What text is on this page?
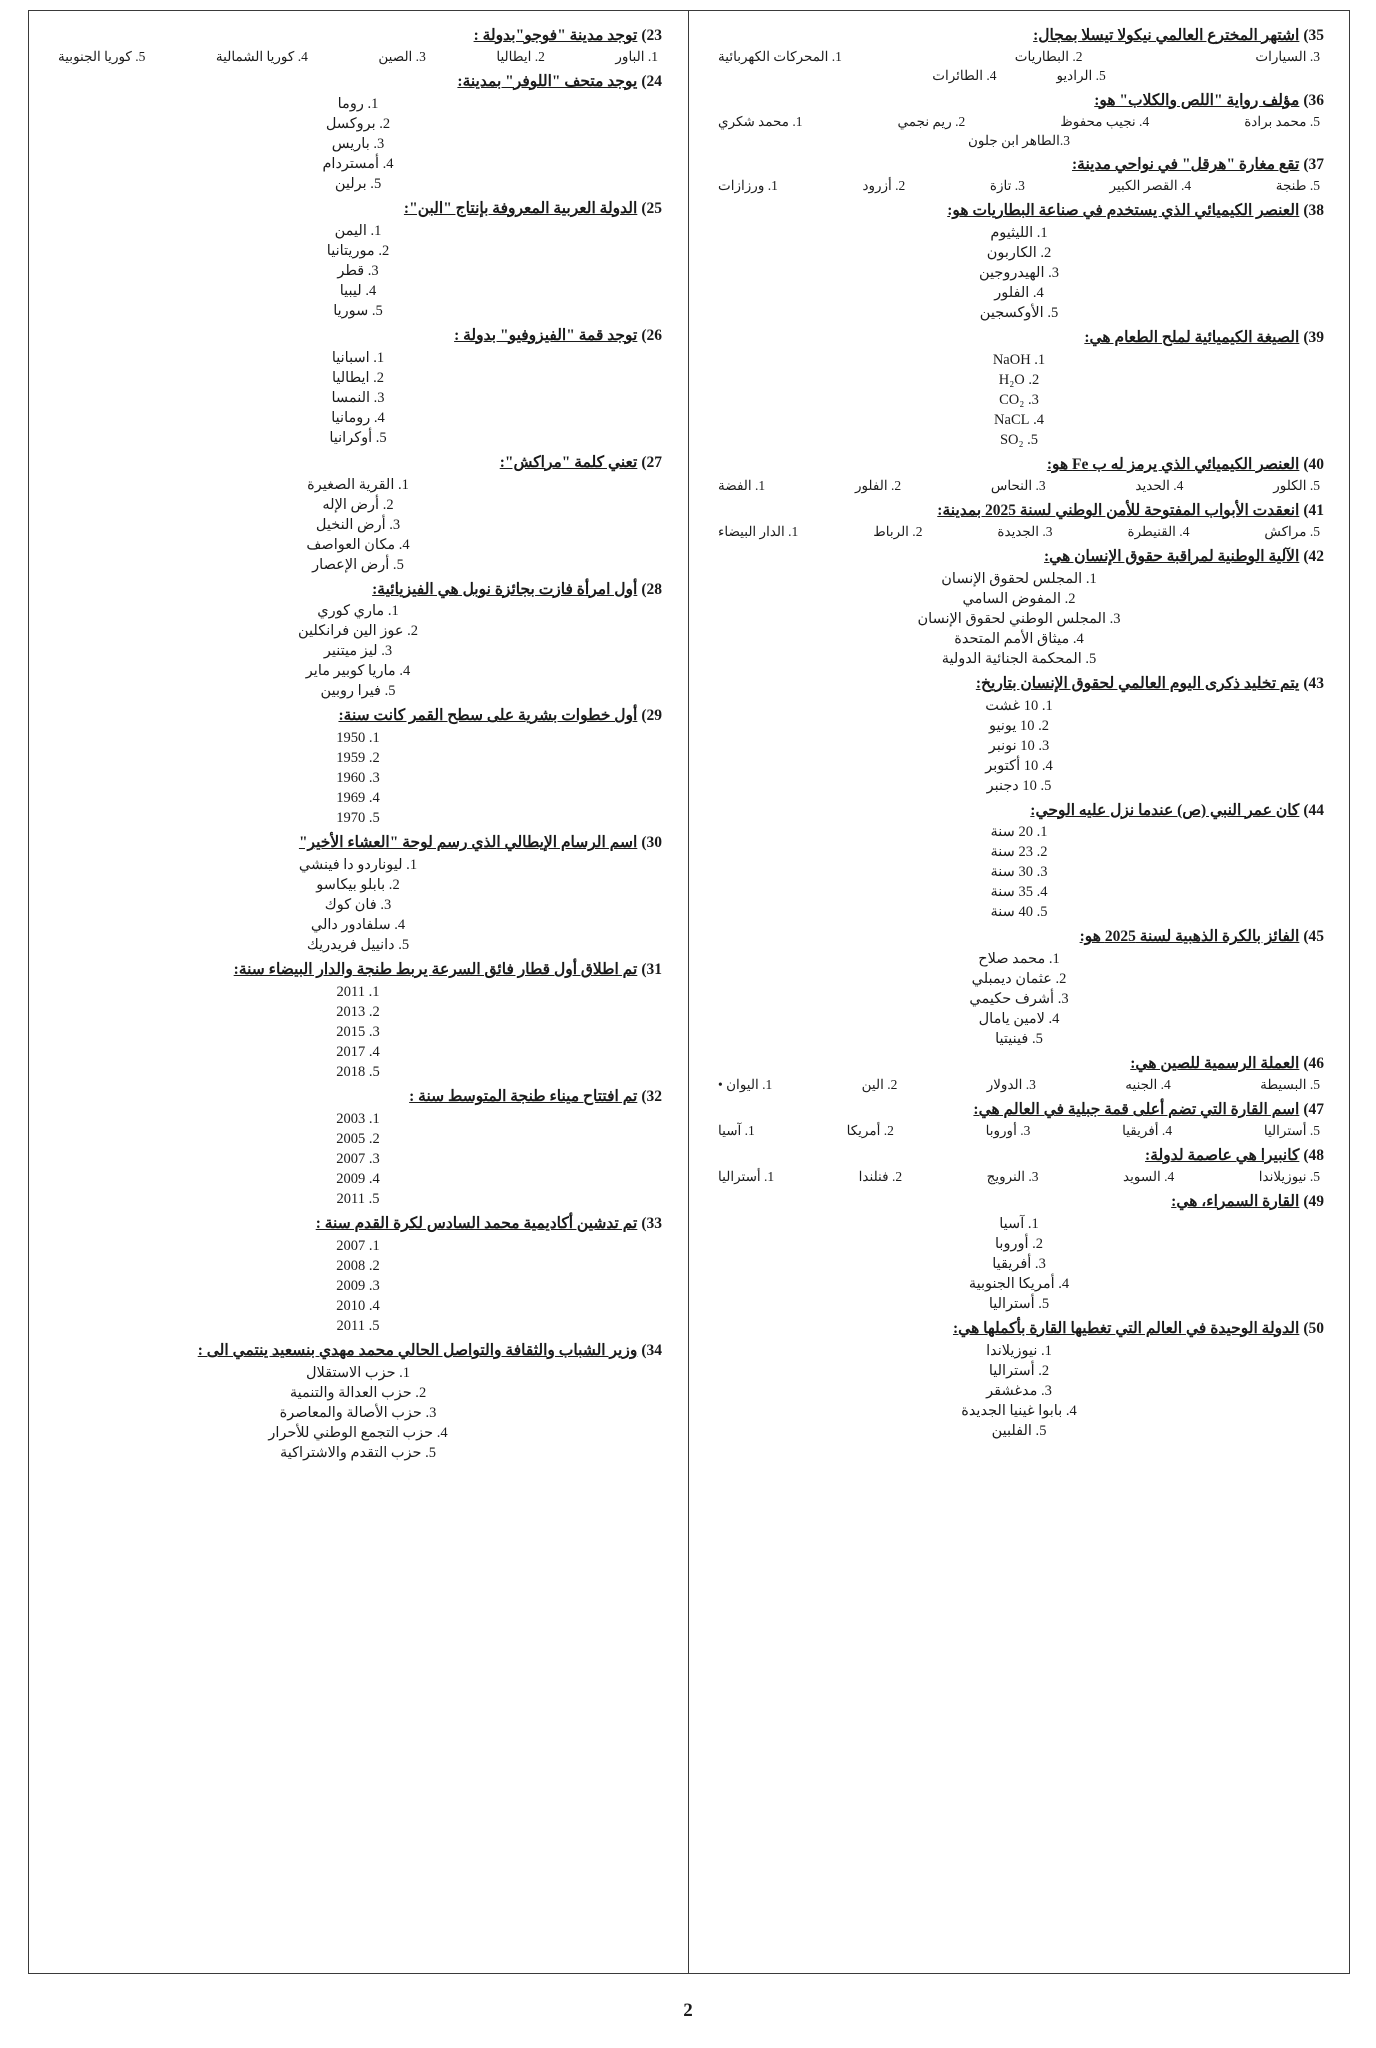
35)اشتهر المخترع العالمي نيكولا تيسلا بمجال:
3. السيارات
2. البطاريات
1. المحركات الكهربائية
5. الراديو
4. الطائرات
36)مؤلف رواية "اللص والكلاب" هو:
5. محمد برادة
4. نجيب محفوظ
2. ريم نجمي
1. محمد شكري
3.الطاهر ابن جلون
37)تقع مغارة "هرقل" في نواحي مدينة:
5. طنجة
4. القصر الكبير
3. تازة
2. أزرود
1. ورزازات
38)العنصر الكيميائي الذي يستخدم في صناعة البطاريات هو:
1. الليثيوم
2. الكاربون
3. الهيدروجين
4. الفلور
5. الأوكسجين
39)الصيغة الكيميائية لملح الطعام هي:
1. NaOH
2. H₂O
3. CO₂
4. NaCL
5. SO₂
40)العنصر الكيميائي الذي يرمز له ب Fe هو:
5. الكلور
4. الحديد
3. النحاس
2. الفلور
1. الفضة
41)انعقدت الأبواب المفتوحة للأمن الوطني لسنة 2025 بمدينة:
5. مراكش
4. القنيطرة
3. الجديدة
2. الرباط
1. الدار البيضاء
42)الآلية الوطنية لمراقبة حقوق الإنسان هي:
1. المجلس لحقوق الإنسان
2. المفوض السامي
3. المجلس الوطني لحقوق الإنسان
4. ميثاق الأمم المتحدة
5. المحكمة الجنائية الدولية
43)يتم تخليد ذكرى اليوم العالمي لحقوق الإنسان بتاريخ:
1. 10 غشت
2. 10 يونيو
3. 10 نونبر
4. 10 أكتوبر
5. 10 دجنبر
44)كان عمر النبي (ص) عندما نزل عليه الوحي:
1. 20 سنة
2. 23 سنة
3. 30 سنة
4. 35 سنة
5. 40 سنة
45)الفائز بالكرة الذهبية لسنة 2025 هو:
1. محمد صلاح
2. عثمان ديمبلي
3. أشرف حكيمي
4. لامين يامال
5. فينيتيا
46)العملة الرسمية للصين هي:
5. البسيطة
4. الجنيه
3. الدولار
2. الين
1. اليوان •
47)اسم القارة التي تضم أعلى قمة جبلية في العالم هي:
5. أستراليا
4. أفريقيا
3. أوروبا
2. أمريكا
1. آسيا
48)كانبيرا هي عاصمة لدولة:
5. نيوزيلاندا
4. السويد
3. النرويج
2. فنلندا
1. أستراليا
49)القارة السمراء، هي:
1. آسيا
2. أوروبا
3. أفريقيا
4. أمريكا الجنوبية
5. أستراليا
50)الدولة الوحيدة في العالم التي تغطيها القارة بأكملها هي:
1. نيوزيلاندا
2. أستراليا
3. مدغشقر
4. بابوا غينيا الجديدة
5. الفلبين
23)توجد مدينة "فوجو"بدولة :
1. الباور
2. ايطاليا
3. الصين
4. كوريا الشمالية
5. كوريا الجنوبية
24)يوجد متحف "اللوفر" بمدينة:
1. روما
2. بروكسل
3. باريس
4. أمستردام
5. برلين
25)الدولة العربية المعروفة بإنتاج "البن":
1. اليمن
2. موريتانيا
3. قطر
4. ليبيا
5. سوريا
26)توجد قمة "الفيزوفيو" بدولة :
1. اسبانيا
2. ايطاليا
3. النمسا
4. رومانيا
5. أوكرانيا
27)تعني كلمة "مراكش":
1. القرية الصغيرة
2. أرض الإله
3. أرض النخيل
4. مكان العواصف
5. أرض الإعصار
28)أول امرأة فازت بجائزة نوبل هي الفيزيائية:
1. ماري كوري
2. عوز الين فرانكلين
3. ليز ميتنير
4. ماريا كوبير ماير
5. فيرا روبين
29)أول خطوات بشرية على سطح القمر كانت سنة:
1. 1950
2. 1959
3. 1960
4. 1969
5. 1970
30)اسم الرسام الإيطالي الذي رسم لوحة "العشاء الأخير"
1. ليوناردو دا فينشي
2. بابلو بيكاسو
3. فان كوك
4. سلفادور دالي
5. دانييل فريدريك
31)تم اطلاق أول قطار فائق السرعة يربط طنجة والدار البيضاء سنة:
1. 2011
2. 2013
3. 2015
4. 2017
5. 2018
32)تم افتتاح ميناء طنجة المتوسط سنة :
1. 2003
2. 2005
3. 2007
4. 2009
5. 2011
33)تم تدشين أكاديمية محمد السادس لكرة القدم سنة :
1. 2007
2. 2008
3. 2009
4. 2010
5. 2011
34)وزير الشباب والثقافة والتواصل الحالي محمد مهدي بنسعيد ينتمي الى :
1. حزب الاستقلال
2. حزب العدالة والتنمية
3. حزب الأصالة والمعاصرة
4. حزب التجمع الوطني للأحرار
5. حزب التقدم والاشتراكية
2
